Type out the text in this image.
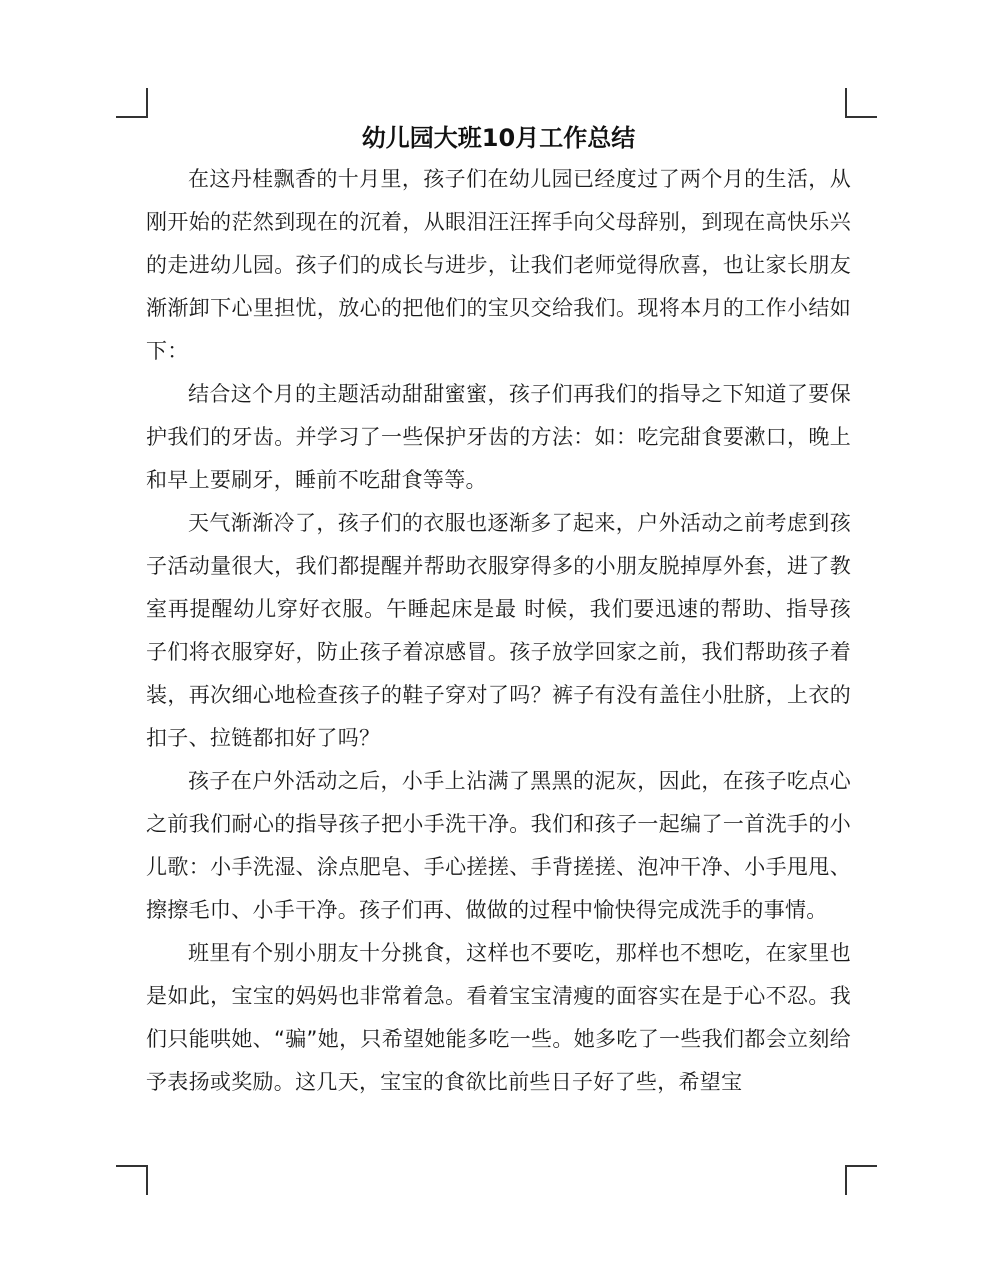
幼儿园大班10月工作总结

在这丹桂飘香的十月里，孩子们在幼儿园已经度过了两个月的生活，从刚开始的茫然到现在的沉着，从眼泪汪汪挥手向父母辞别，到现在高快乐兴的走进幼儿园。孩子们的成长与进步，让我们老师觉得欣喜，也让家长朋友渐渐卸下心里担忧，放心的把他们的宝贝交给我们。现将本月的工作小结如下：

结合这个月的主题活动甜甜蜜蜜，孩子们再我们的指导之下知道了要保护我们的牙齿。并学习了一些保护牙齿的方法：如：吃完甜食要漱口，晚上和早上要刷牙，睡前不吃甜食等等。

天气渐渐冷了，孩子们的衣服也逐渐多了起来，户外活动之前考虑到孩子活动量很大，我们都提醒并帮助衣服穿得多的小朋友脱掉厚外套，进了教室再提醒幼儿穿好衣服。午睡起床是最 时候，我们要迅速的帮助、指导孩子们将衣服穿好，防止孩子着凉感冒。孩子放学回家之前，我们帮助孩子着装，再次细心地检查孩子的鞋子穿对了吗？裤子有没有盖住小肚脐，上衣的扣子、拉链都扣好了吗？

孩子在户外活动之后，小手上沾满了黑黑的泥灰，因此，在孩子吃点心之前我们耐心的指导孩子把小手洗干净。我们和孩子一起编了一首洗手的小儿歌：小手洗湿、涂点肥皂、手心搓搓、手背搓搓、泡冲干净、小手甩甩、擦擦毛巾、小手干净。孩子们再、做做的过程中愉快得完成洗手的事情。

班里有个别小朋友十分挑食，这样也不要吃，那样也不想吃，在家里也是如此，宝宝的妈妈也非常着急。看着宝宝清瘦的面容实在是于心不忍。我们只能哄她、“骗”她，只希望她能多吃一些。她多吃了一些我们都会立刻给予表扬或奖励。这几天，宝宝的食欲比前些日子好了些，希望宝
